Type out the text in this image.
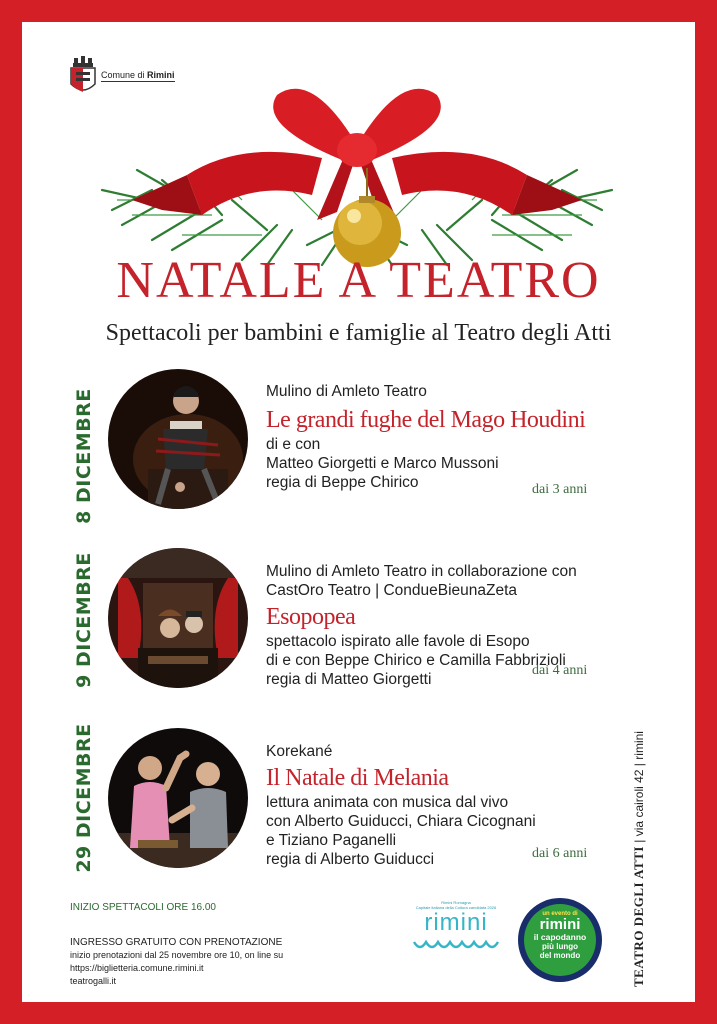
Comune di Rimini
NATALE A TEATRO
Spettacoli per bambini e famiglie al Teatro degli Atti
8 DICEMBRE	Mulino di Amleto Teatro
Le grandi fughe del Mago Houdini
di e con
Matteo Giorgetti e Marco Mussoni
regia di Beppe Chirico	dai 3 anni
9 DICEMBRE	Mulino di Amleto Teatro in collaborazione con
CastOro Teatro | CondueBieunaZeta
Esopopea
spettacolo ispirato alle favole di Esopo
di e con Beppe Chirico e Camilla Fabbrizioli
regia di Matteo Giorgetti
dai 4 anni
29 DICEMBRE	Korekané
Il Natale di Melania
lettura animata con musica dal vivo
con Alberto Guiducci, Chiara Cicognani
e Tiziano Paganelli
regia di Alberto Guiducci	dai 6 anni	TEATRO DEGLI ATTI | via cairoli 42 | rimini
INIZIO SPETTACOLI ORE 16.00
INGRESSO GRATUITO CON PRENOTAZIONE
inizio prenotazioni dal 25 novembre ore 10, on line su
https://biglietteria.comune.rimini.it
teatrogalli.it
Rimini Romagna
Capitale italiana della Cultura candidata 2026
rimini	un evento di
rimini
il capodanno
più lungo
del mondo
